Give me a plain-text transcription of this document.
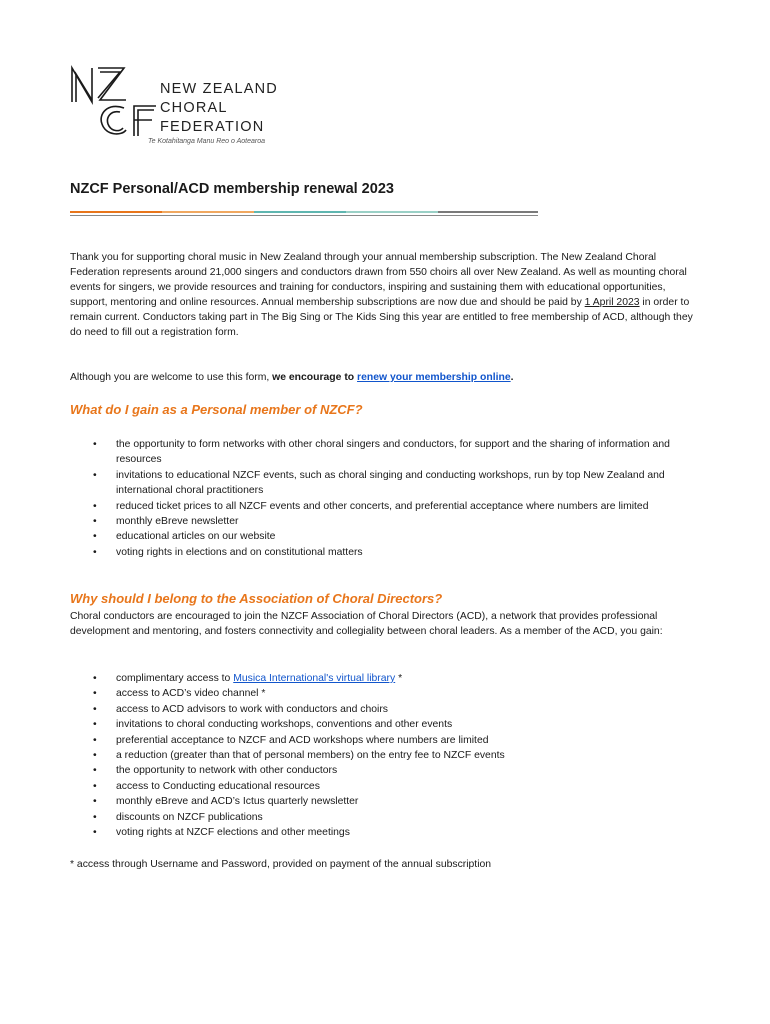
NEW ZEALAND
CHORAL
FEDERATION
Te Kotahitanga Manu Reo o Aotearoa
NZCF Personal/ACD membership renewal 2023
Thank you for supporting choral music in New Zealand through your annual membership subscription. The New Zealand Choral Federation represents around 21,000 singers and conductors drawn from 550 choirs all over New Zealand. As well as mounting choral events for singers, we provide resources and training for conductors, inspiring and sustaining them with educational opportunities, support, mentoring and online resources. Annual membership subscriptions are now due and should be paid by 1 April 2023 in order to remain current. Conductors taking part in The Big Sing or The Kids Sing this year are entitled to free membership of ACD, although they do need to fill out a registration form.
Although you are welcome to use this form, we encourage to renew your membership online.
What do I gain as a Personal member of NZCF?
• the opportunity to form networks with other choral singers and conductors, for support and the sharing of information and resources
• invitations to educational NZCF events, such as choral singing and conducting workshops, run by top New Zealand and international choral practitioners
• reduced ticket prices to all NZCF events and other concerts, and preferential acceptance where numbers are limited
• monthly eBreve newsletter
• educational articles on our website
• voting rights in elections and on constitutional matters
Why should I belong to the Association of Choral Directors?
Choral conductors are encouraged to join the NZCF Association of Choral Directors (ACD), a network that provides professional development and mentoring, and fosters connectivity and collegiality between choral leaders. As a member of the ACD, you gain:
• complimentary access to Musica International's virtual library *
• access to ACD’s video channel *
• access to ACD advisors to work with conductors and choirs
• invitations to choral conducting workshops, conventions and other events
• preferential acceptance to NZCF and ACD workshops where numbers are limited
• a reduction (greater than that of personal members) on the entry fee to NZCF events
• the opportunity to network with other conductors
• access to Conducting educational resources
• monthly eBreve and ACD’s Ictus quarterly newsletter
• discounts on NZCF publications
• voting rights at NZCF elections and other meetings
* access through Username and Password, provided on payment of the annual subscription
